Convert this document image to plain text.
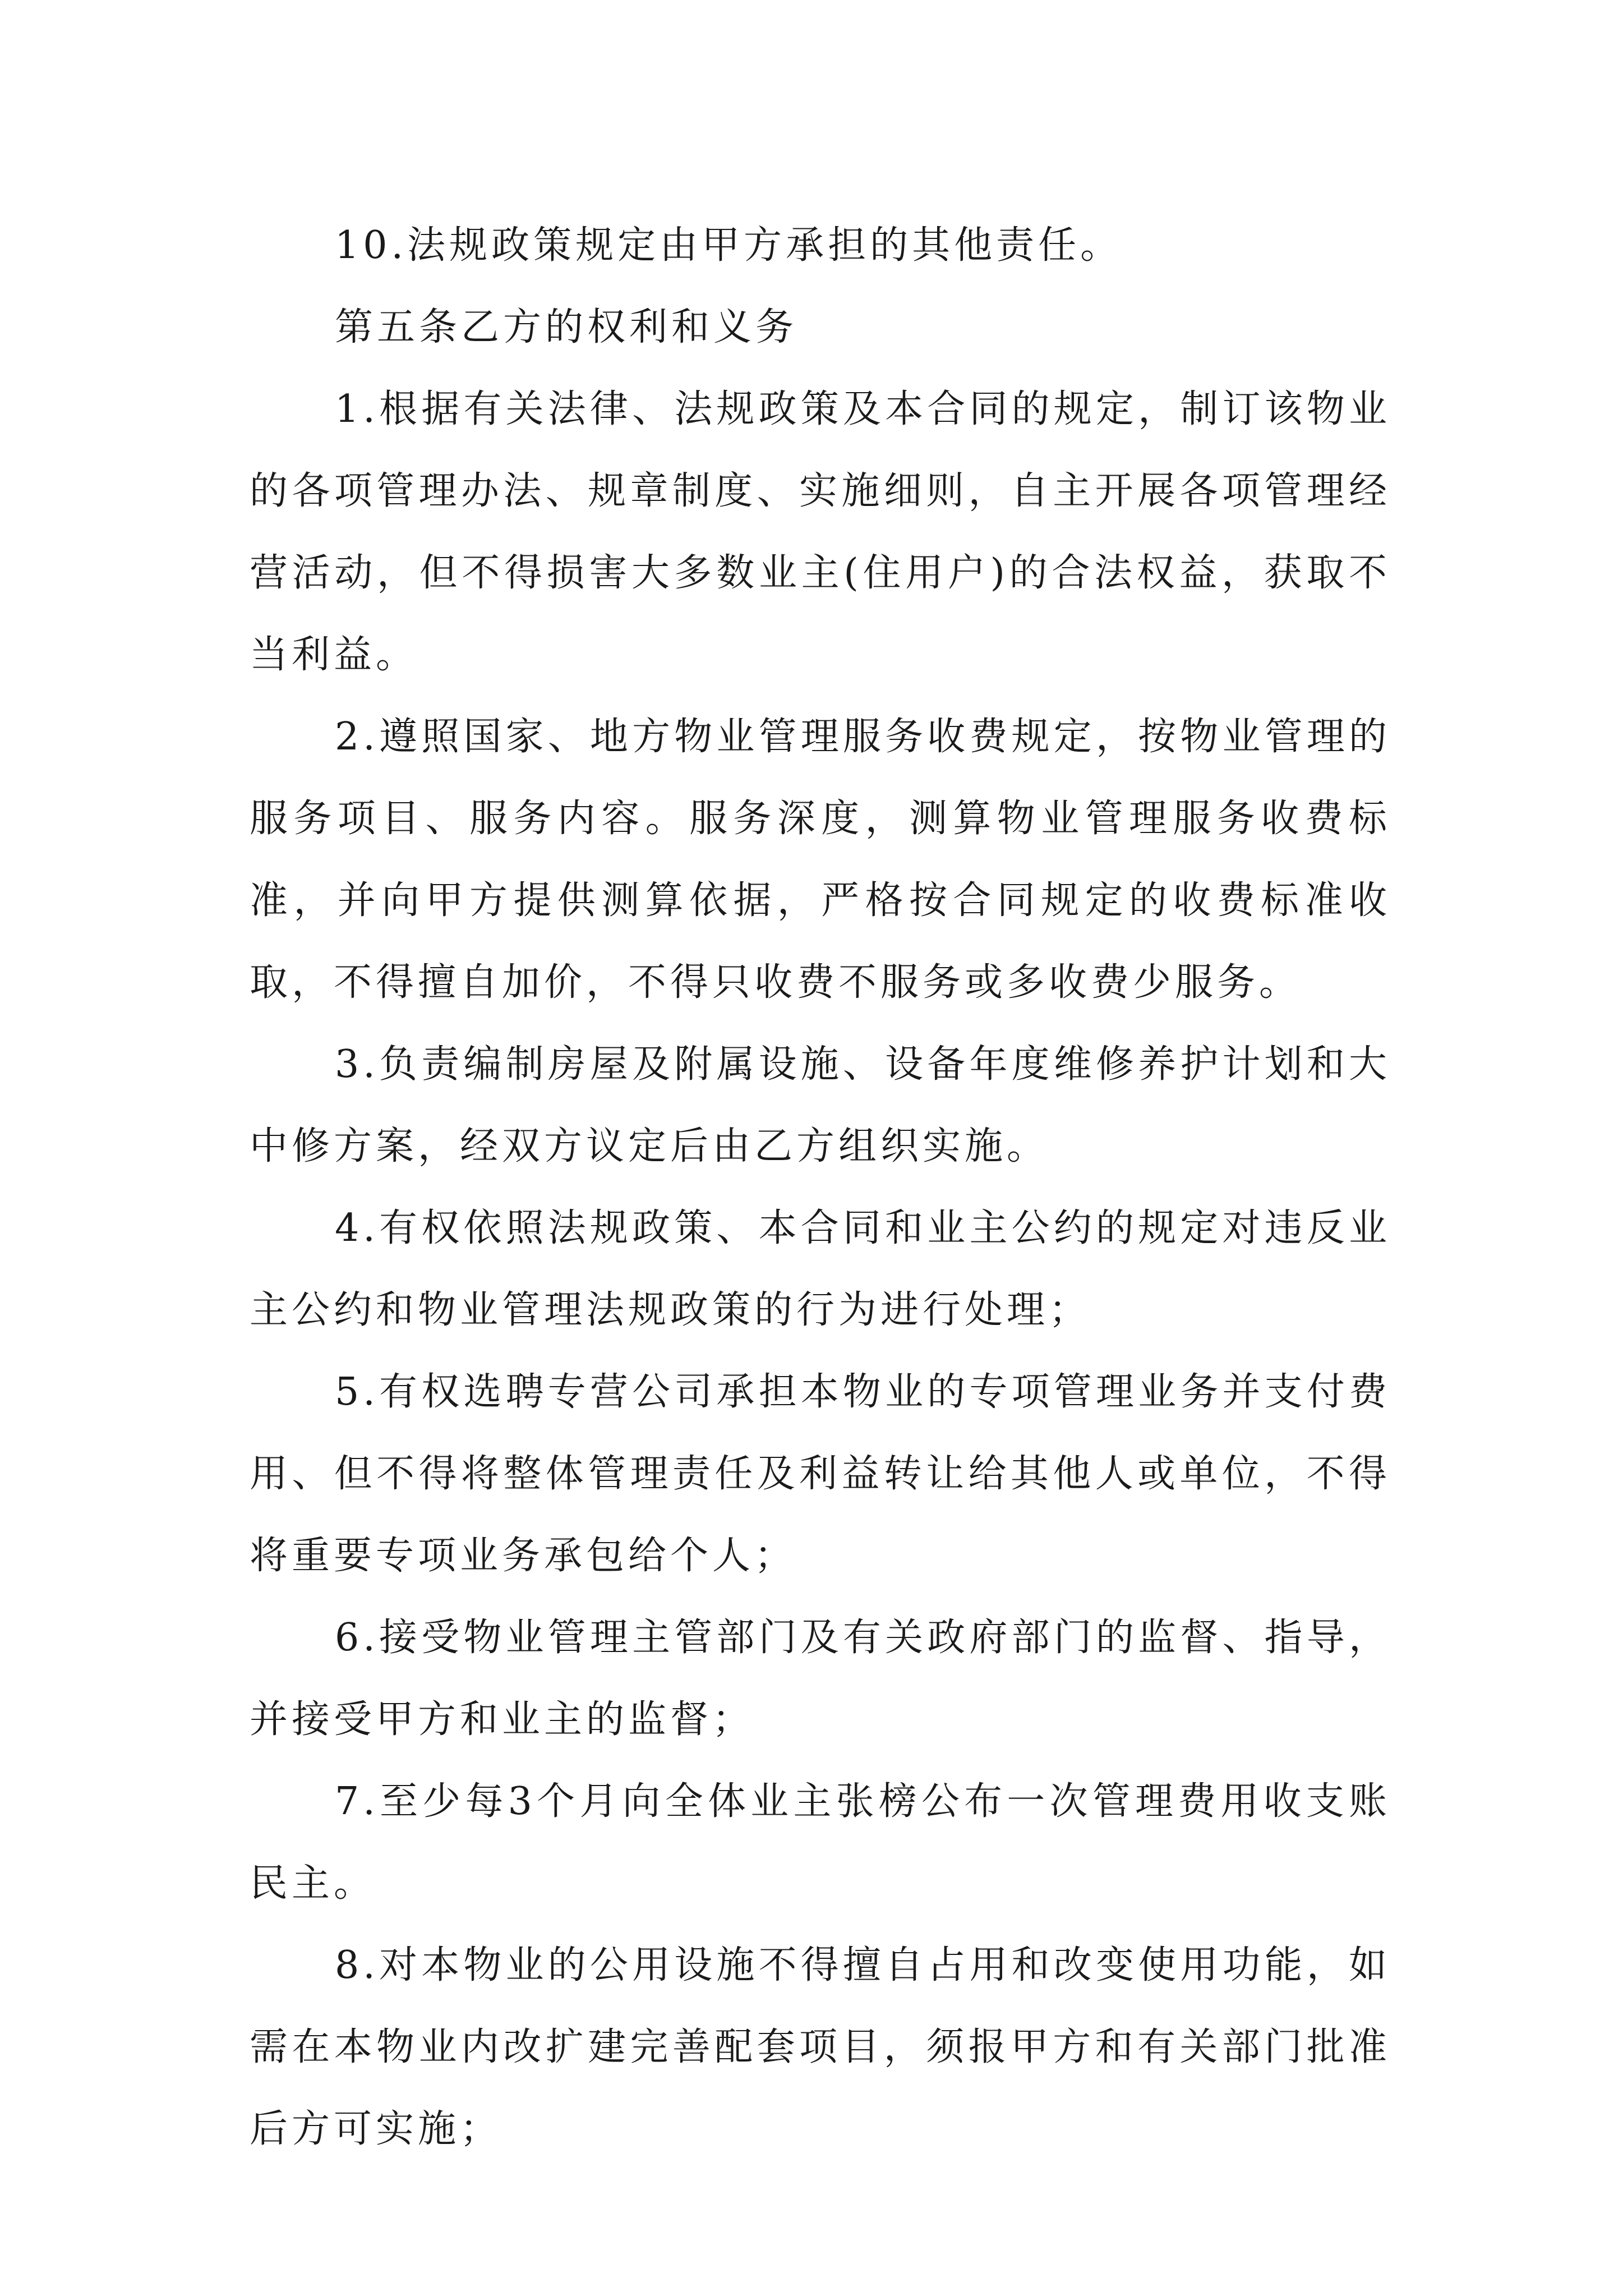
10.法规政策规定由甲方承担的其他责任。

第五条乙方的权利和义务

1.根据有关法律、法规政策及本合同的规定，制订该物业的各项管理办法、规章制度、实施细则，自主开展各项管理经营活动，但不得损害大多数业主(住用户)的合法权益，获取不当利益。

2.遵照国家、地方物业管理服务收费规定，按物业管理的服务项目、服务内容。服务深度，测算物业管理服务收费标准，并向甲方提供测算依据，严格按合同规定的收费标准收取，不得擅自加价，不得只收费不服务或多收费少服务。

3.负责编制房屋及附属设施、设备年度维修养护计划和大中修方案，经双方议定后由乙方组织实施。

4.有权依照法规政策、本合同和业主公约的规定对违反业主公约和物业管理法规政策的行为进行处理；

5.有权选聘专营公司承担本物业的专项管理业务并支付费用、但不得将整体管理责任及利益转让给其他人或单位，不得将重要专项业务承包给个人；

6.接受物业管理主管部门及有关政府部门的监督、指导，并接受甲方和业主的监督；

7.至少每3个月向全体业主张榜公布一次管理费用收支账民主。

8.对本物业的公用设施不得擅自占用和改变使用功能，如需在本物业内改扩建完善配套项目，须报甲方和有关部门批准后方可实施；
